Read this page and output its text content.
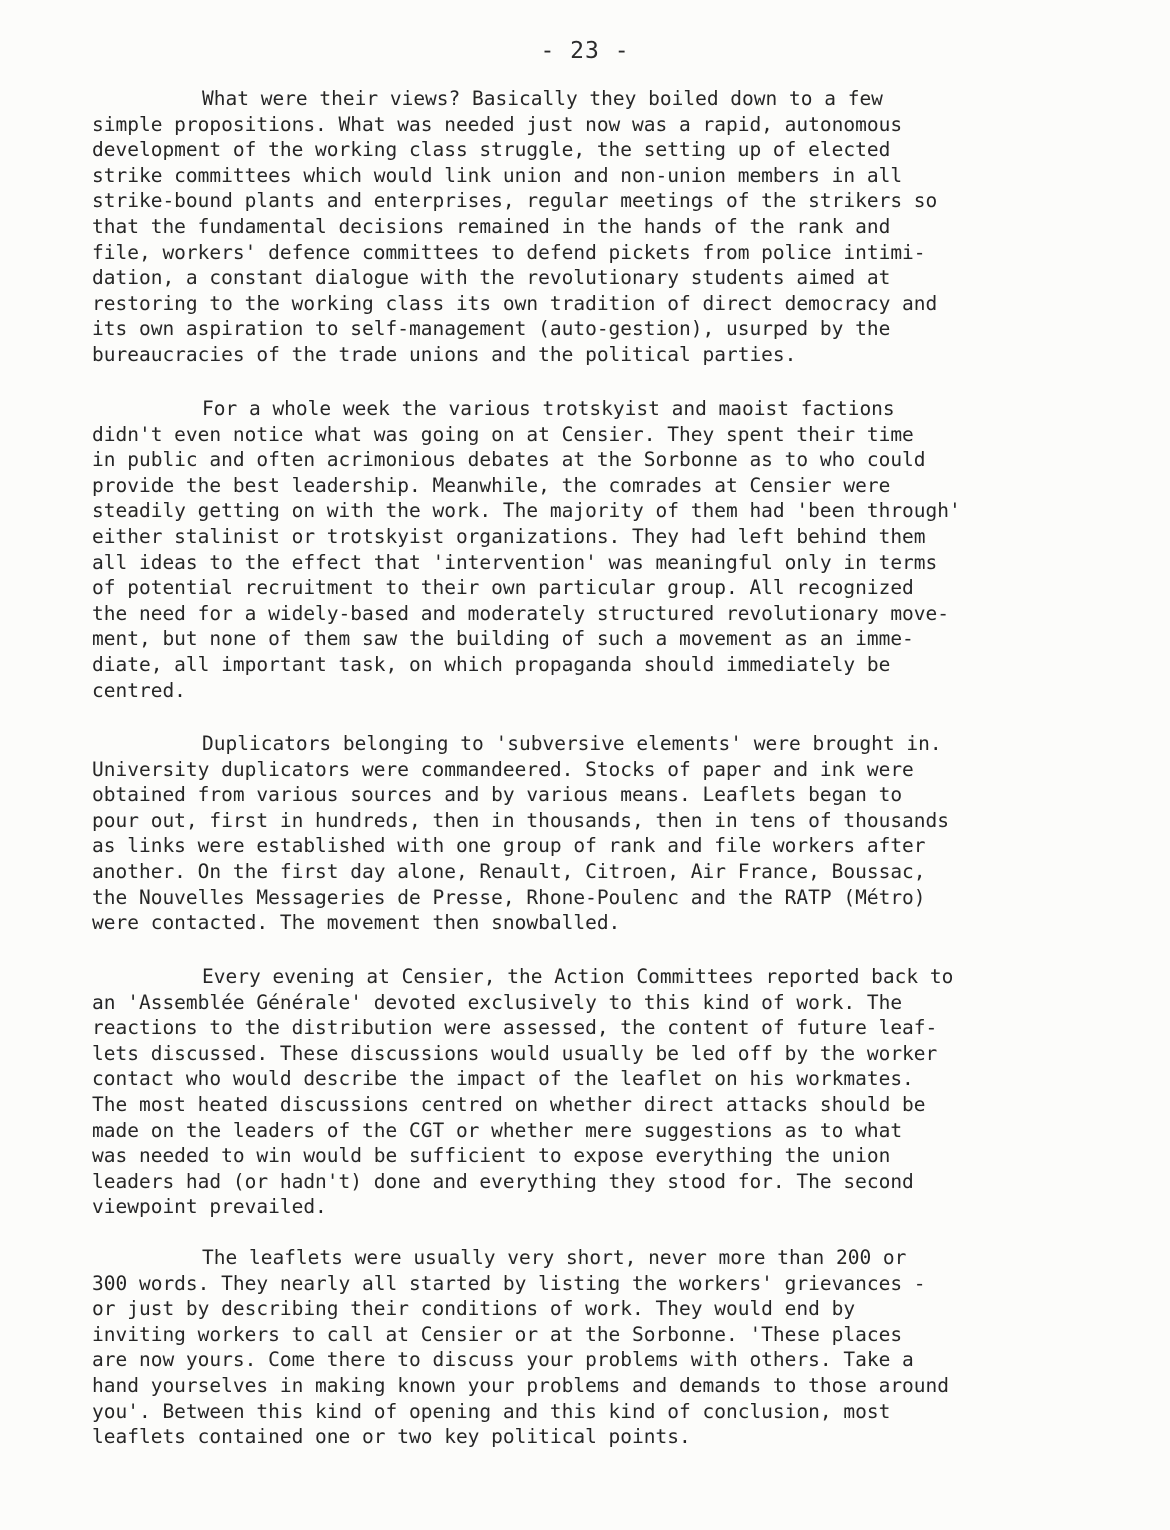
- 23 -
What were their views? Basically they boiled down to a few
simple propositions. What was needed just now was a rapid, autonomous
development of the working class struggle, the setting up of elected
strike committees which would link union and non-union members in all
strike-bound plants and enterprises, regular meetings of the strikers so
that the fundamental decisions remained in the hands of the rank and
file, workers' defence committees to defend pickets from police intimi-
dation, a constant dialogue with the revolutionary students aimed at
restoring to the working class its own tradition of direct democracy and
its own aspiration to self-management (auto-gestion), usurped by the
bureaucracies of the trade unions and the political parties.
For a whole week the various trotskyist and maoist factions
didn't even notice what was going on at Censier. They spent their time
in public and often acrimonious debates at the Sorbonne as to who could
provide the best leadership. Meanwhile, the comrades at Censier were
steadily getting on with the work. The majority of them had 'been through'
either stalinist or trotskyist organizations. They had left behind them
all ideas to the effect that 'intervention' was meaningful only in terms
of potential recruitment to their own particular group. All recognized
the need for a widely-based and moderately structured revolutionary move-
ment, but none of them saw the building of such a movement as an imme-
diate, all important task, on which propaganda should immediately be
centred.
Duplicators belonging to 'subversive elements' were brought in.
University duplicators were commandeered. Stocks of paper and ink were
obtained from various sources and by various means. Leaflets began to
pour out, first in hundreds, then in thousands, then in tens of thousands
as links were established with one group of rank and file workers after
another. On the first day alone, Renault, Citroen, Air France, Boussac,
the Nouvelles Messageries de Presse, Rhone-Poulenc and the RATP (Métro)
were contacted. The movement then snowballed.
Every evening at Censier, the Action Committees reported back to
an 'Assemblée Générale' devoted exclusively to this kind of work. The
reactions to the distribution were assessed, the content of future leaf-
lets discussed. These discussions would usually be led off by the worker
contact who would describe the impact of the leaflet on his workmates.
The most heated discussions centred on whether direct attacks should be
made on the leaders of the CGT or whether mere suggestions as to what
was needed to win would be sufficient to expose everything the union
leaders had (or hadn't) done and everything they stood for. The second
viewpoint prevailed.
The leaflets were usually very short, never more than 200 or
300 words. They nearly all started by listing the workers' grievances -
or just by describing their conditions of work. They would end by
inviting workers to call at Censier or at the Sorbonne. 'These places
are now yours. Come there to discuss your problems with others. Take a
hand yourselves in making known your problems and demands to those around
you'. Between this kind of opening and this kind of conclusion, most
leaflets contained one or two key political points.
